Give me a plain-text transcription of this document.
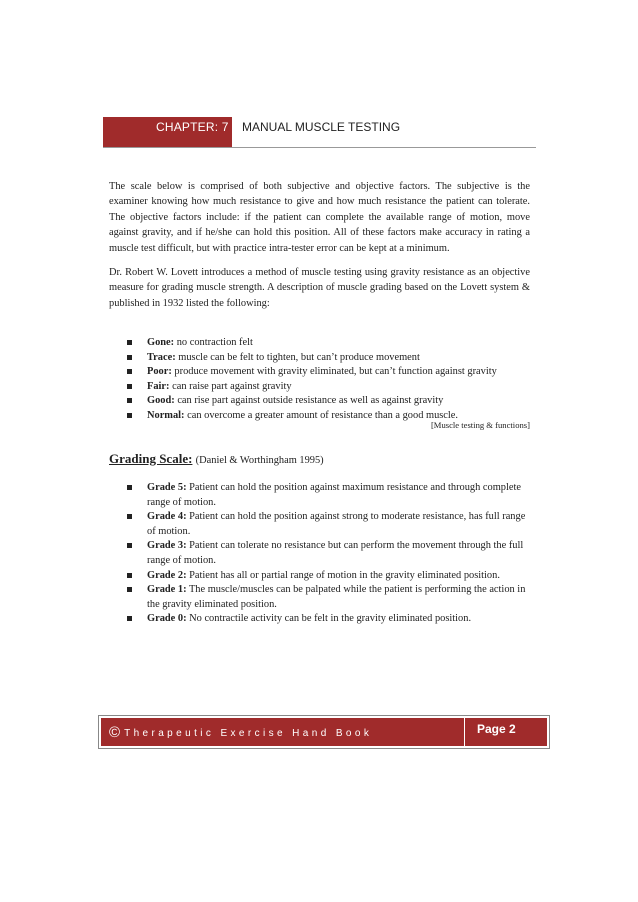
CHAPTER: 7 MANUAL MUSCLE TESTING

The scale below is comprised of both subjective and objective factors. The subjective is the examiner knowing how much resistance to give and how much resistance the patient can tolerate. The objective factors include: if the patient can complete the available range of motion, move against gravity, and if he/she can hold this position. All of these factors make accuracy in rating a muscle test difficult, but with practice intra-tester error can be kept at a minimum.

Dr. Robert W. Lovett introduces a method of muscle testing using gravity resistance as an objective measure for grading muscle strength. A description of muscle grading based on the Lovett system & published in 1932 listed the following:

Gone: no contraction felt
Trace: muscle can be felt to tighten, but can’t produce movement
Poor: produce movement with gravity eliminated, but can’t function against gravity
Fair: can raise part against gravity
Good: can rise part against outside resistance as well as against gravity
Normal: can overcome a greater amount of resistance than a good muscle.
[Muscle testing & functions]
Grading Scale: (Daniel & Worthingham 1995)
Grade 5: Patient can hold the position against maximum resistance and through complete range of motion.
Grade 4: Patient can hold the position against strong to moderate resistance, has full range of motion.
Grade 3: Patient can tolerate no resistance but can perform the movement through the full range of motion.
Grade 2: Patient has all or partial range of motion in the gravity eliminated position.
Grade 1: The muscle/muscles can be palpated while the patient is performing the action in the gravity eliminated position.
Grade 0: No contractile activity can be felt in the gravity eliminated position.
© Therapeutic Exercise Hand Book	Page 2
